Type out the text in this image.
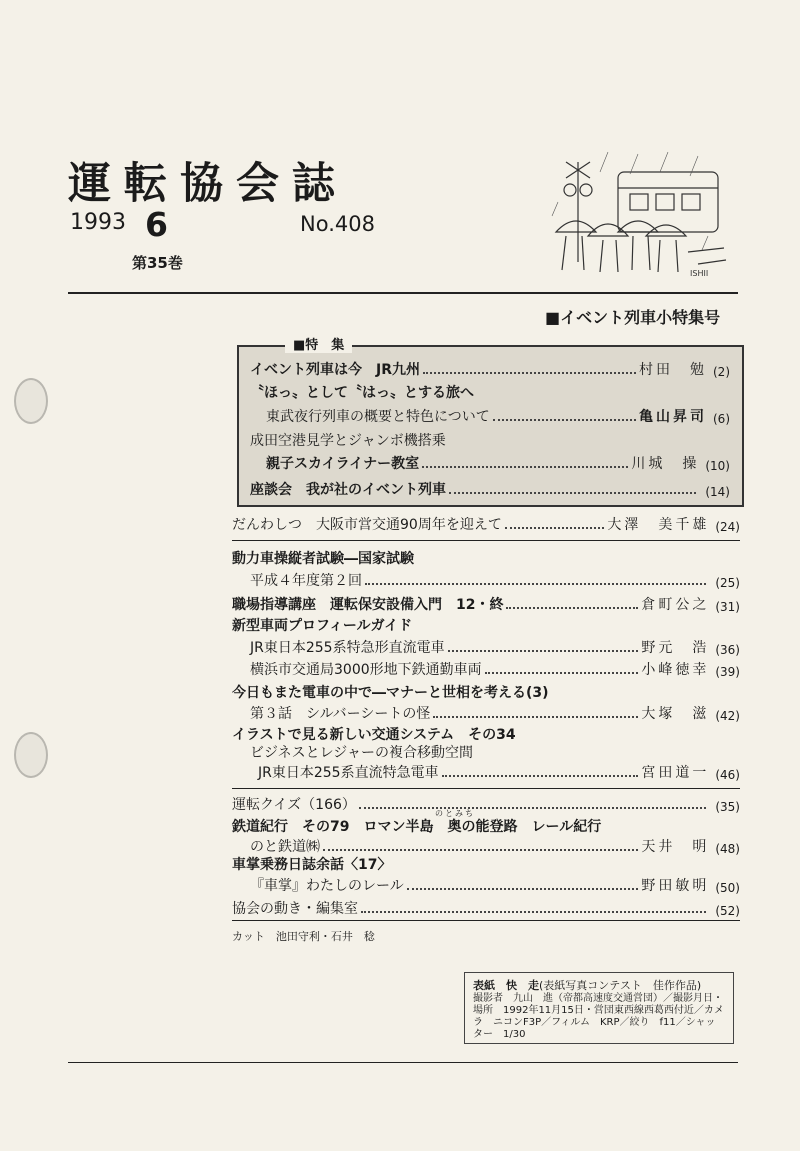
運転協会誌
1993 6	No.408
第35巻
ISHII
■イベント列車小特集号
■特　集
イベント列車は今　JR九州	村田　勉 (2)
〝ほっ〟として〝はっ〟とする旅へ
東武夜行列車の概要と特色について	亀山昇司 (6)
成田空港見学とジャンボ機搭乗
親子スカイライナー教室	川城　操 (10)
座談会　我が社のイベント列車	(14)
だんわしつ　大阪市営交通90周年を迎えて	大澤　美千雄 (24)
動力車操縦者試験―国家試験
平成４年度第２回	(25)
職場指導講座　運転保安設備入門　12・終	倉町公之 (31)
新型車両プロフィールガイド
JR東日本255系特急形直流電車	野元　浩 (36)
横浜市交通局3000形地下鉄通勤車両	小峰徳幸 (39)
今日もまた電車の中で―マナーと世相を考える(3)
第３話　シルバーシートの怪	大塚　滋 (42)
イラストで見る新しい交通システム　その34
ビジネスとレジャーの複合移動空間
JR東日本255系直流特急電車	宮田道一 (46)
運転クイズ（166）	(35)
のとみち
鉄道紀行　その79　ロマン半島　奥の能登路　レール紀行
のと鉄道㈱	天井　明 (48)
車掌乗務日誌余話〈17〉
『車掌』わたしのレール	野田敏明 (50)
協会の動き・編集室	(52)
カット　池田守利・石井　稔
表紙　快　走(表紙写真コンテスト　佳作作品)
撮影者　九山　進（帝都高速度交通営団）／撮影月日・場所　1992年11月15日・営団東西線西葛西付近／カメラ　ニコンF3P／フィルム　KRP／絞り　f11／シャッター　1/30
